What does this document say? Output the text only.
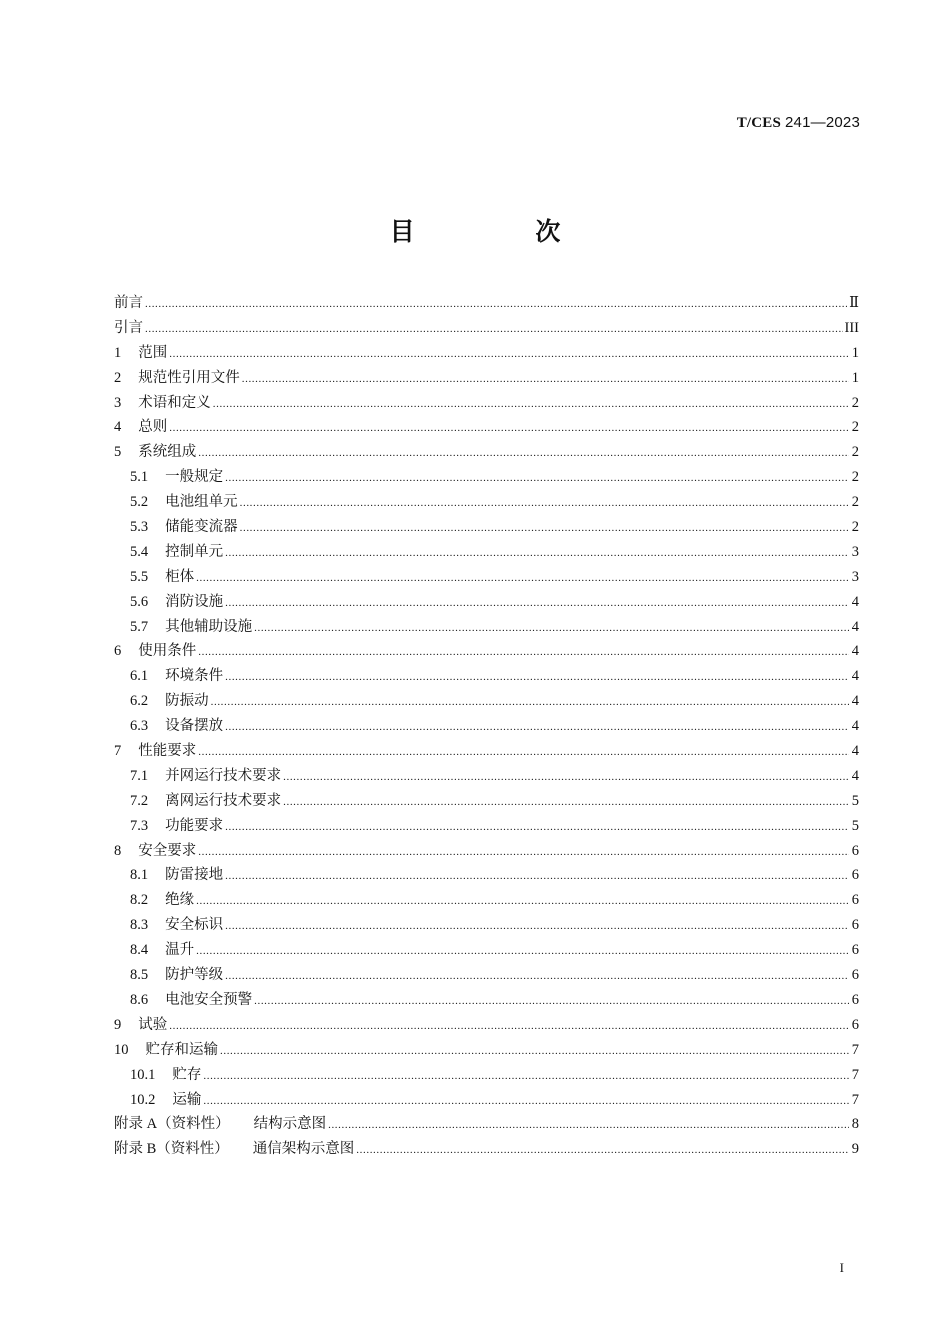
T/CES 241—2023
目 次
前言 .....	Ⅱ
引言 .....	III
1 范围 .....	1
2 规范性引用文件 .....	1
3 术语和定义 .....	2
4 总则 .....	2
5 系统组成 .....	2
5.1 一般规定 .....	2
5.2 电池组单元 .....	2
5.3 储能变流器 .....	2
5.4 控制单元 .....	3
5.5 柜体 .....	3
5.6 消防设施 .....	4
5.7 其他辅助设施 .....	4
6 使用条件 .....	4
6.1 环境条件 .....	4
6.2 防振动 .....	4
6.3 设备摆放 .....	4
7 性能要求 .....	4
7.1 并网运行技术要求 .....	4
7.2 离网运行技术要求 .....	5
7.3 功能要求 .....	5
8 安全要求 .....	6
8.1 防雷接地 .....	6
8.2 绝缘 .....	6
8.3 安全标识 .....	6
8.4 温升 .....	6
8.5 防护等级 .....	6
8.6 电池安全预警 .....	6
9 试验 .....	6
10 贮存和运输 .....	7
10.1 贮存 .....	7
10.2 运输 .....	7
附录 A（资料性） 结构示意图 .....	8
附录 B（资料性） 通信架构示意图 .....	9
I
